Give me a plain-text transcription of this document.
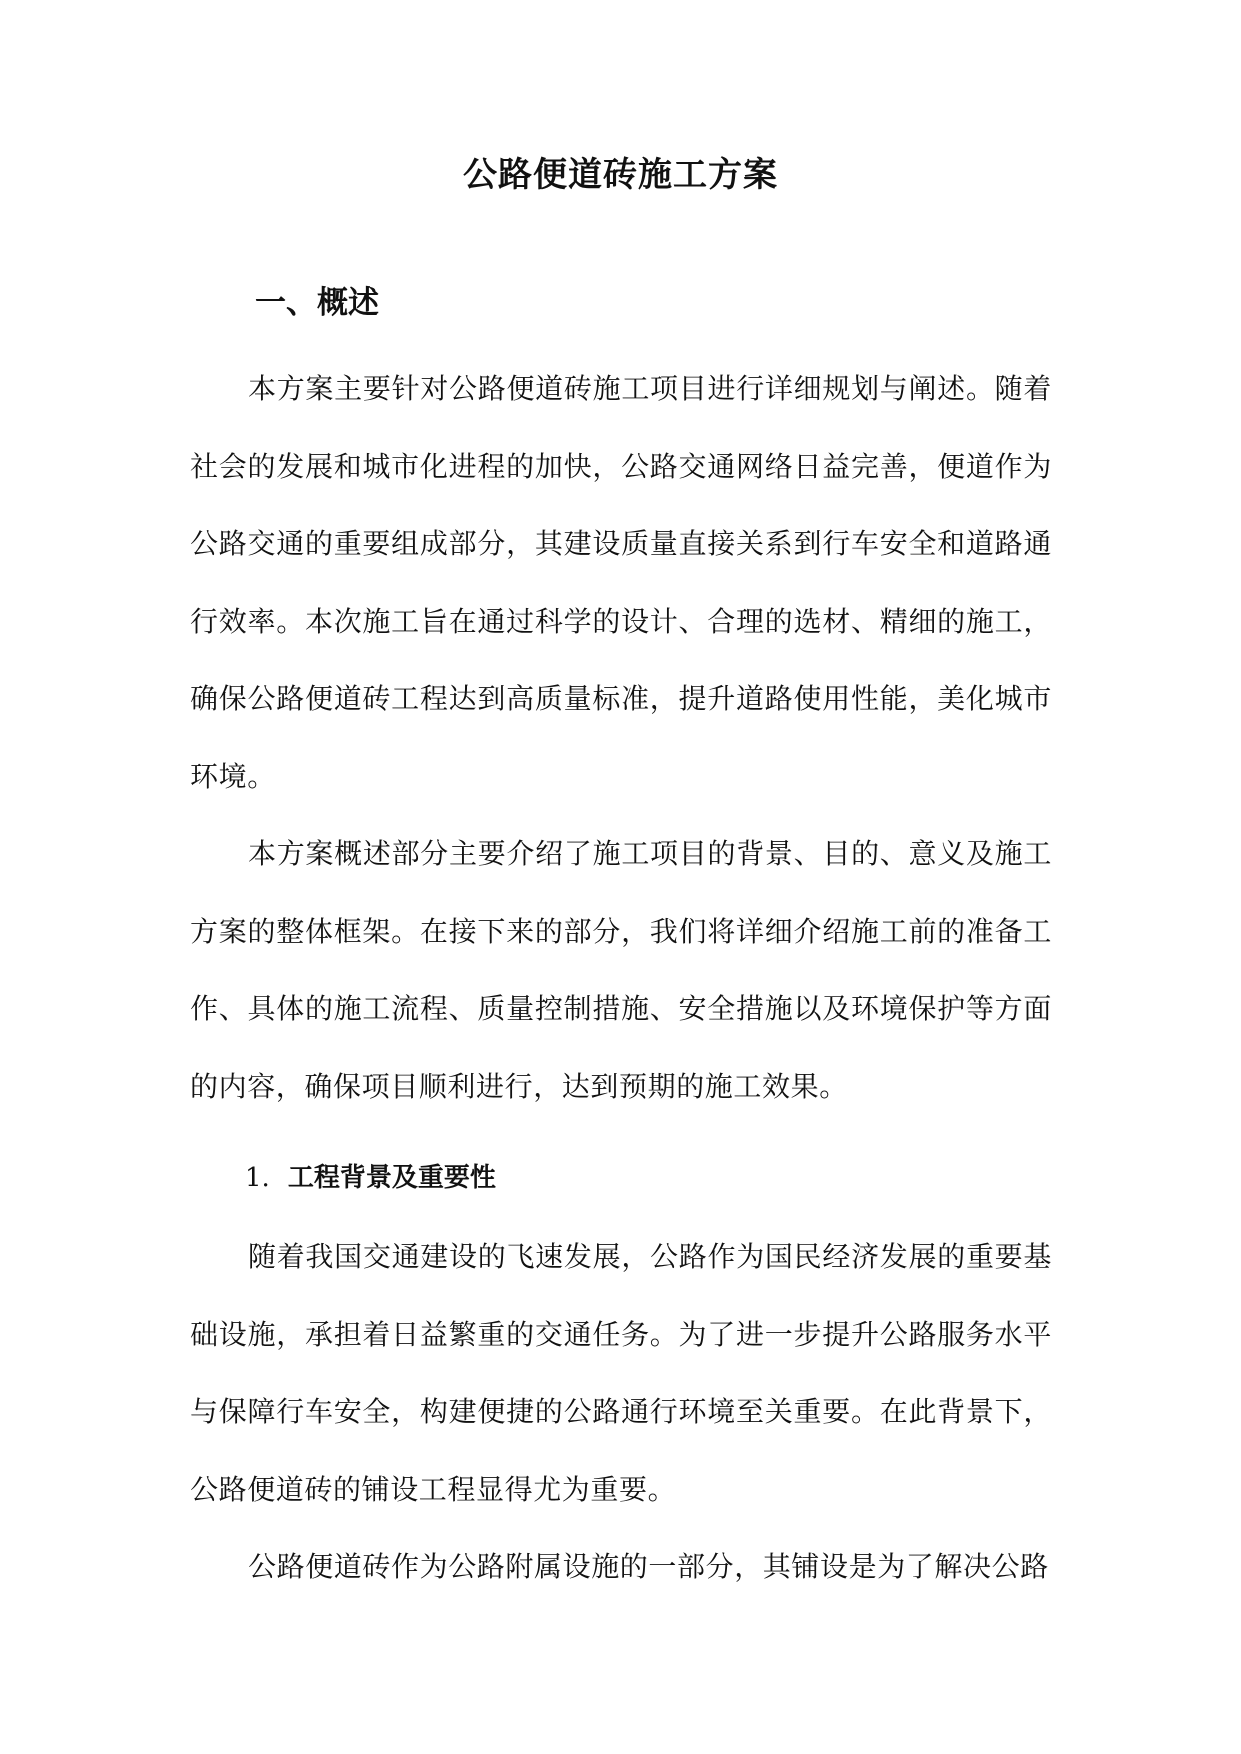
公路便道砖施工方案
一、概述

本方案主要针对公路便道砖施工项目进行详细规划与阐述。随着社会的发展和城市化进程的加快，公路交通网络日益完善，便道作为公路交通的重要组成部分，其建设质量直接关系到行车安全和道路通行效率。本次施工旨在通过科学的设计、合理的选材、精细的施工，确保公路便道砖工程达到高质量标准，提升道路使用性能，美化城市环境。

本方案概述部分主要介绍了施工项目的背景、目的、意义及施工方案的整体框架。在接下来的部分，我们将详细介绍施工前的准备工作、具体的施工流程、质量控制措施、安全措施以及环境保护等方面的内容，确保项目顺利进行，达到预期的施工效果。

1. 工程背景及重要性

随着我国交通建设的飞速发展，公路作为国民经济发展的重要基础设施，承担着日益繁重的交通任务。为了进一步提升公路服务水平与保障行车安全，构建便捷的公路通行环境至关重要。在此背景下，公路便道砖的铺设工程显得尤为重要。

公路便道砖作为公路附属设施的一部分，其铺设是为了解决公路
